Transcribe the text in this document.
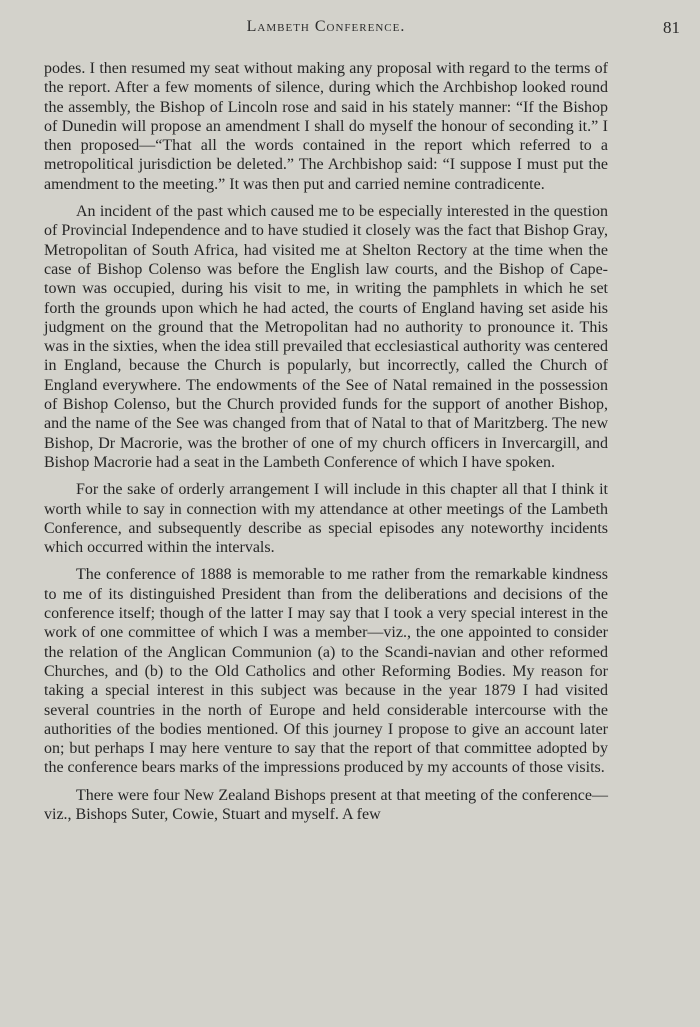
Lambeth Conference.	81

podes. I then resumed my seat without making any proposal with regard to the terms of the report. After a few moments of silence, during which the Archbishop looked round the assembly, the Bishop of Lincoln rose and said in his stately manner: “If the Bishop of Dunedin will propose an amendment I shall do myself the honour of seconding it.” I then proposed—“That all the words contained in the report which referred to a metropolitical jurisdiction be deleted.” The Archbishop said: “I suppose I must put the amendment to the meeting.” It was then put and carried nemine contradicente.

An incident of the past which caused me to be especially interested in the question of Provincial Independence and to have studied it closely was the fact that Bishop Gray, Metropolitan of South Africa, had visited me at Shelton Rectory at the time when the case of Bishop Colenso was before the English law courts, and the Bishop of Cape-town was occupied, during his visit to me, in writing the pamphlets in which he set forth the grounds upon which he had acted, the courts of England having set aside his judgment on the ground that the Metropolitan had no authority to pronounce it. This was in the sixties, when the idea still prevailed that ecclesiastical authority was centered in England, because the Church is popularly, but incorrectly, called the Church of England everywhere. The endowments of the See of Natal remained in the possession of Bishop Colenso, but the Church provided funds for the support of another Bishop, and the name of the See was changed from that of Natal to that of Maritzberg. The new Bishop, Dr Macrorie, was the brother of one of my church officers in Invercargill, and Bishop Macrorie had a seat in the Lambeth Conference of which I have spoken.

For the sake of orderly arrangement I will include in this chapter all that I think it worth while to say in connection with my attendance at other meetings of the Lambeth Conference, and subsequently describe as special episodes any noteworthy incidents which occurred within the intervals.

The conference of 1888 is memorable to me rather from the remarkable kindness to me of its distinguished President than from the deliberations and decisions of the conference itself; though of the latter I may say that I took a very special interest in the work of one committee of which I was a member—viz., the one appointed to consider the relation of the Anglican Communion (a) to the Scandi-navian and other reformed Churches, and (b) to the Old Catholics and other Reforming Bodies. My reason for taking a special interest in this subject was because in the year 1879 I had visited several countries in the north of Europe and held considerable intercourse with the authorities of the bodies mentioned. Of this journey I propose to give an account later on; but perhaps I may here venture to say that the report of that committee adopted by the conference bears marks of the impressions produced by my accounts of those visits.

There were four New Zealand Bishops present at that meeting of the conference—viz., Bishops Suter, Cowie, Stuart and myself. A few
